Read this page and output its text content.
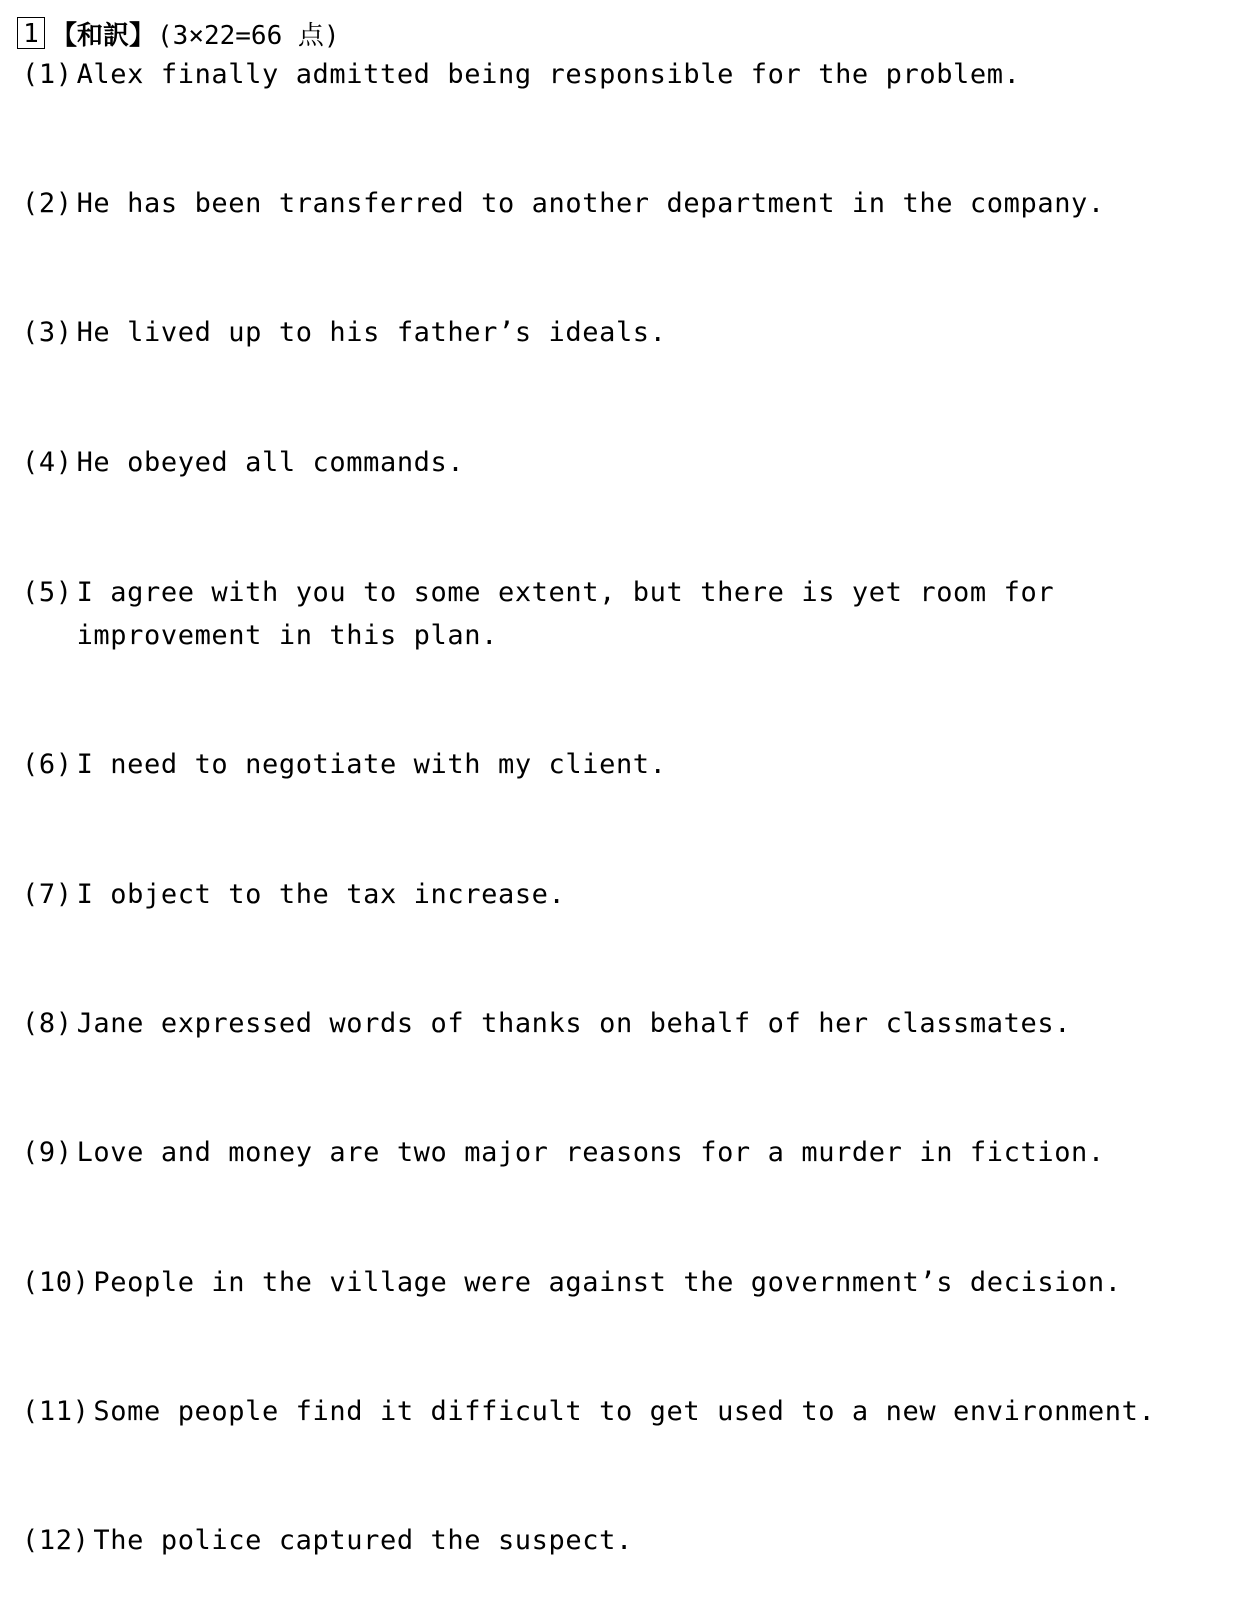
1 【和訳】 (3×22=66 点)
(1) Alex finally admitted being responsible for the problem.
(2) He has been transferred to another department in the company.
(3) He lived up to his father’s ideals.
(4) He obeyed all commands.
(5) I agree with you to some extent, but there is yet room for improvement in this plan.
(6) I need to negotiate with my client.
(7) I object to the tax increase.
(8) Jane expressed words of thanks on behalf of her classmates.
(9) Love and money are two major reasons for a murder in fiction.
(10) People in the village were against the government’s decision.
(11) Some people find it difficult to get used to a new environment.
(12) The police captured the suspect.
